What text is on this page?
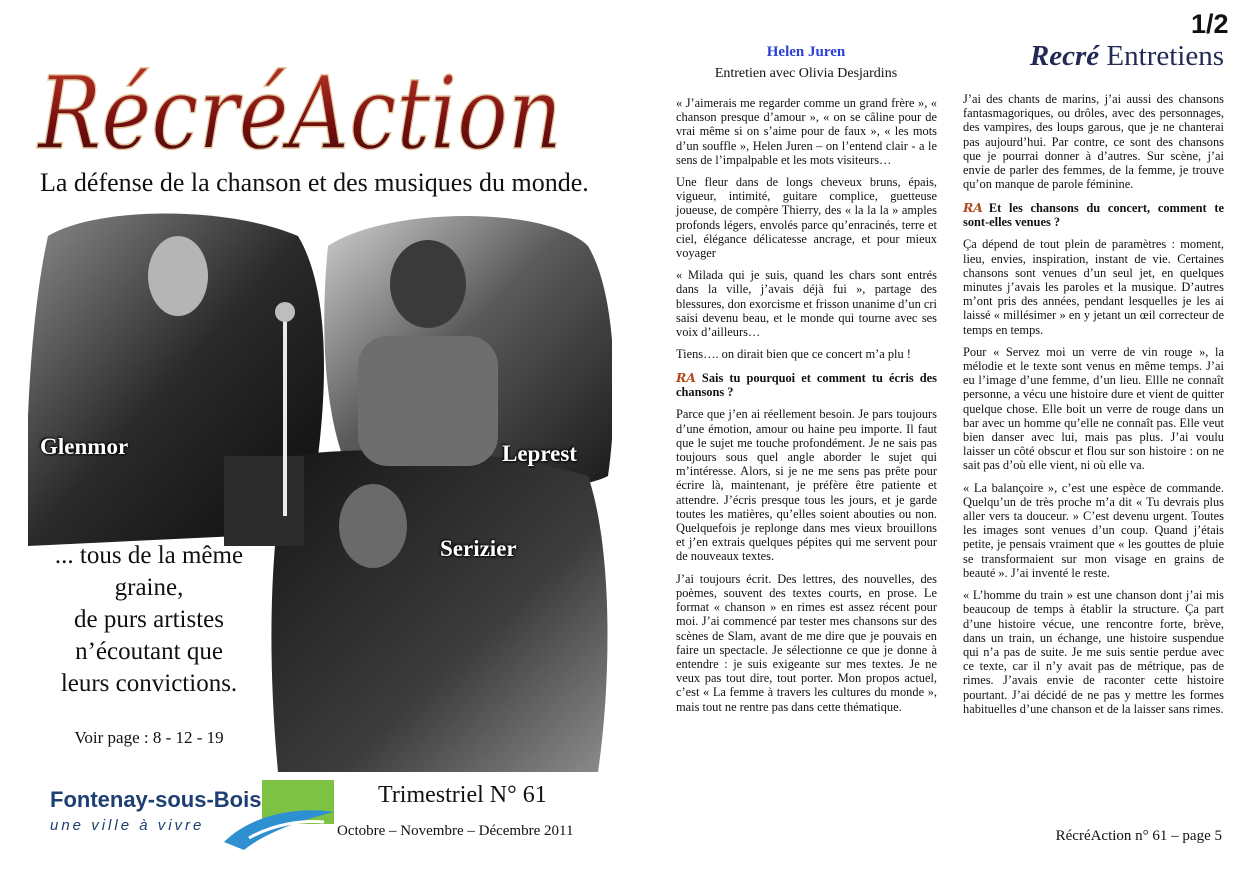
RécréAction
La défense de la chanson et des musiques du monde.
Glenmor	Leprest
Serizier
... tous de la même
graine,
de purs artistes
n’écoutant que
leurs convictions.
Voir page : 8 - 12 - 19
Fontenay-sous-Bois
une ville à vivre
Trimestriel N° 61
Octobre – Novembre – Décembre 2011
1/2
Helen Juren
Entretien avec Olivia Desjardins
Recré Entretiens

« J’aimerais me regarder comme un grand frère », « chanson presque d’amour », « on se câline pour de vrai même si on s’aime pour de faux », « les mots d’un souffle », Helen Juren – on l’entend clair - a le sens de l’impalpable et les mots visiteurs…

Une fleur dans de longs cheveux bruns, épais, vigueur, intimité, guitare complice, guetteuse joueuse, de compère Thierry, des « la la la » amples profonds légers, envolés parce qu’enracinés, terre et ciel, élégance délicatesse ancrage, et pour mieux voyager

« Milada qui je suis, quand les chars sont entrés dans la ville, j’avais déjà fui », partage des blessures, don exorcisme et frisson unanime d’un cri saisi devenu beau, et le monde qui tourne avec ses voix d’ailleurs…

Tiens…. on dirait bien que ce concert m’a plu !

RA Sais tu pourquoi et comment tu écris des chansons ?

Parce que j’en ai réellement besoin. Je pars toujours d’une émotion, amour ou haine peu importe. Il faut que le sujet me touche profondément. Je ne sais pas toujours sous quel angle aborder le sujet qui m’intéresse. Alors, si je ne me sens pas prête pour écrire là, maintenant, je préfère être patiente et attendre. J’écris presque tous les jours, et je garde toutes les matières, qu’elles soient abouties ou non. Quelquefois je replonge dans mes vieux brouillons et j’en extrais quelques pépites qui me servent pour de nouveaux textes.

J’ai toujours écrit. Des lettres, des nouvelles, des poèmes, souvent des textes courts, en prose. Le format « chanson » en rimes est assez récent pour moi. J’ai commencé par tester mes chansons sur des scènes de Slam, avant de me dire que je pouvais en faire un spectacle. Je sélectionne ce que je donne à entendre : je suis exigeante sur mes textes. Je ne veux pas tout dire, tout porter. Mon propos actuel, c’est « La femme à travers les cultures du monde », mais tout ne rentre pas dans cette thématique.

J’ai des chants de marins, j’ai aussi des chansons fantasmagoriques, ou drôles, avec des personnages, des vampires, des loups garous, que je ne chanterai pas aujourd’hui. Par contre, ce sont des chansons que je pourrai donner à d’autres. Sur scène, j’ai envie de parler des femmes, de la femme, je trouve qu’on manque de parole féminine.

RA Et les chansons du concert, comment te sont-elles venues ?

Ça dépend de tout plein de paramètres : moment, lieu, envies, inspiration, instant de vie. Certaines chansons sont venues d’un seul jet, en quelques minutes j’avais les paroles et la musique. D’autres m’ont pris des années, pendant lesquelles je les ai laissé « millésimer » en y jetant un œil correcteur de temps en temps.

Pour « Servez moi un verre de vin rouge », la mélodie et le texte sont venus en même temps. J’ai eu l’image d’une femme, d’un lieu. Ellle ne connaît personne, a vécu une histoire dure et vient de quitter quelque chose. Elle boit un verre de rouge dans un bar avec un homme qu’elle ne connaît pas. Elle veut bien danser avec lui, mais pas plus. J’ai voulu laisser un côté obscur et flou sur son histoire : on ne sait pas d’où elle vient, ni où elle va.

« La balançoire », c’est une espèce de commande. Quelqu’un de très proche m’a dit « Tu devrais plus aller vers ta douceur. » C’est devenu urgent. Toutes les images sont venues d’un coup. Quand j’étais petite, je pensais vraiment que « les gouttes de pluie se transformaient sur mon visage en grains de beauté ». J’ai inventé le reste.

« L’homme du train » est une chanson dont j’ai mis beaucoup de temps à établir la structure. Ça part d’une histoire vécue, une rencontre forte, brève, dans un train, un échange, une histoire suspendue qui n’a pas de suite. Je me suis sentie perdue avec ce texte, car il n’y avait pas de métrique, pas de rimes. J’avais envie de raconter cette histoire pourtant. J’ai décidé de ne pas y mettre les formes habituelles d’une chanson et de la laisser sans rimes.

RécréAction n° 61 – page 5
